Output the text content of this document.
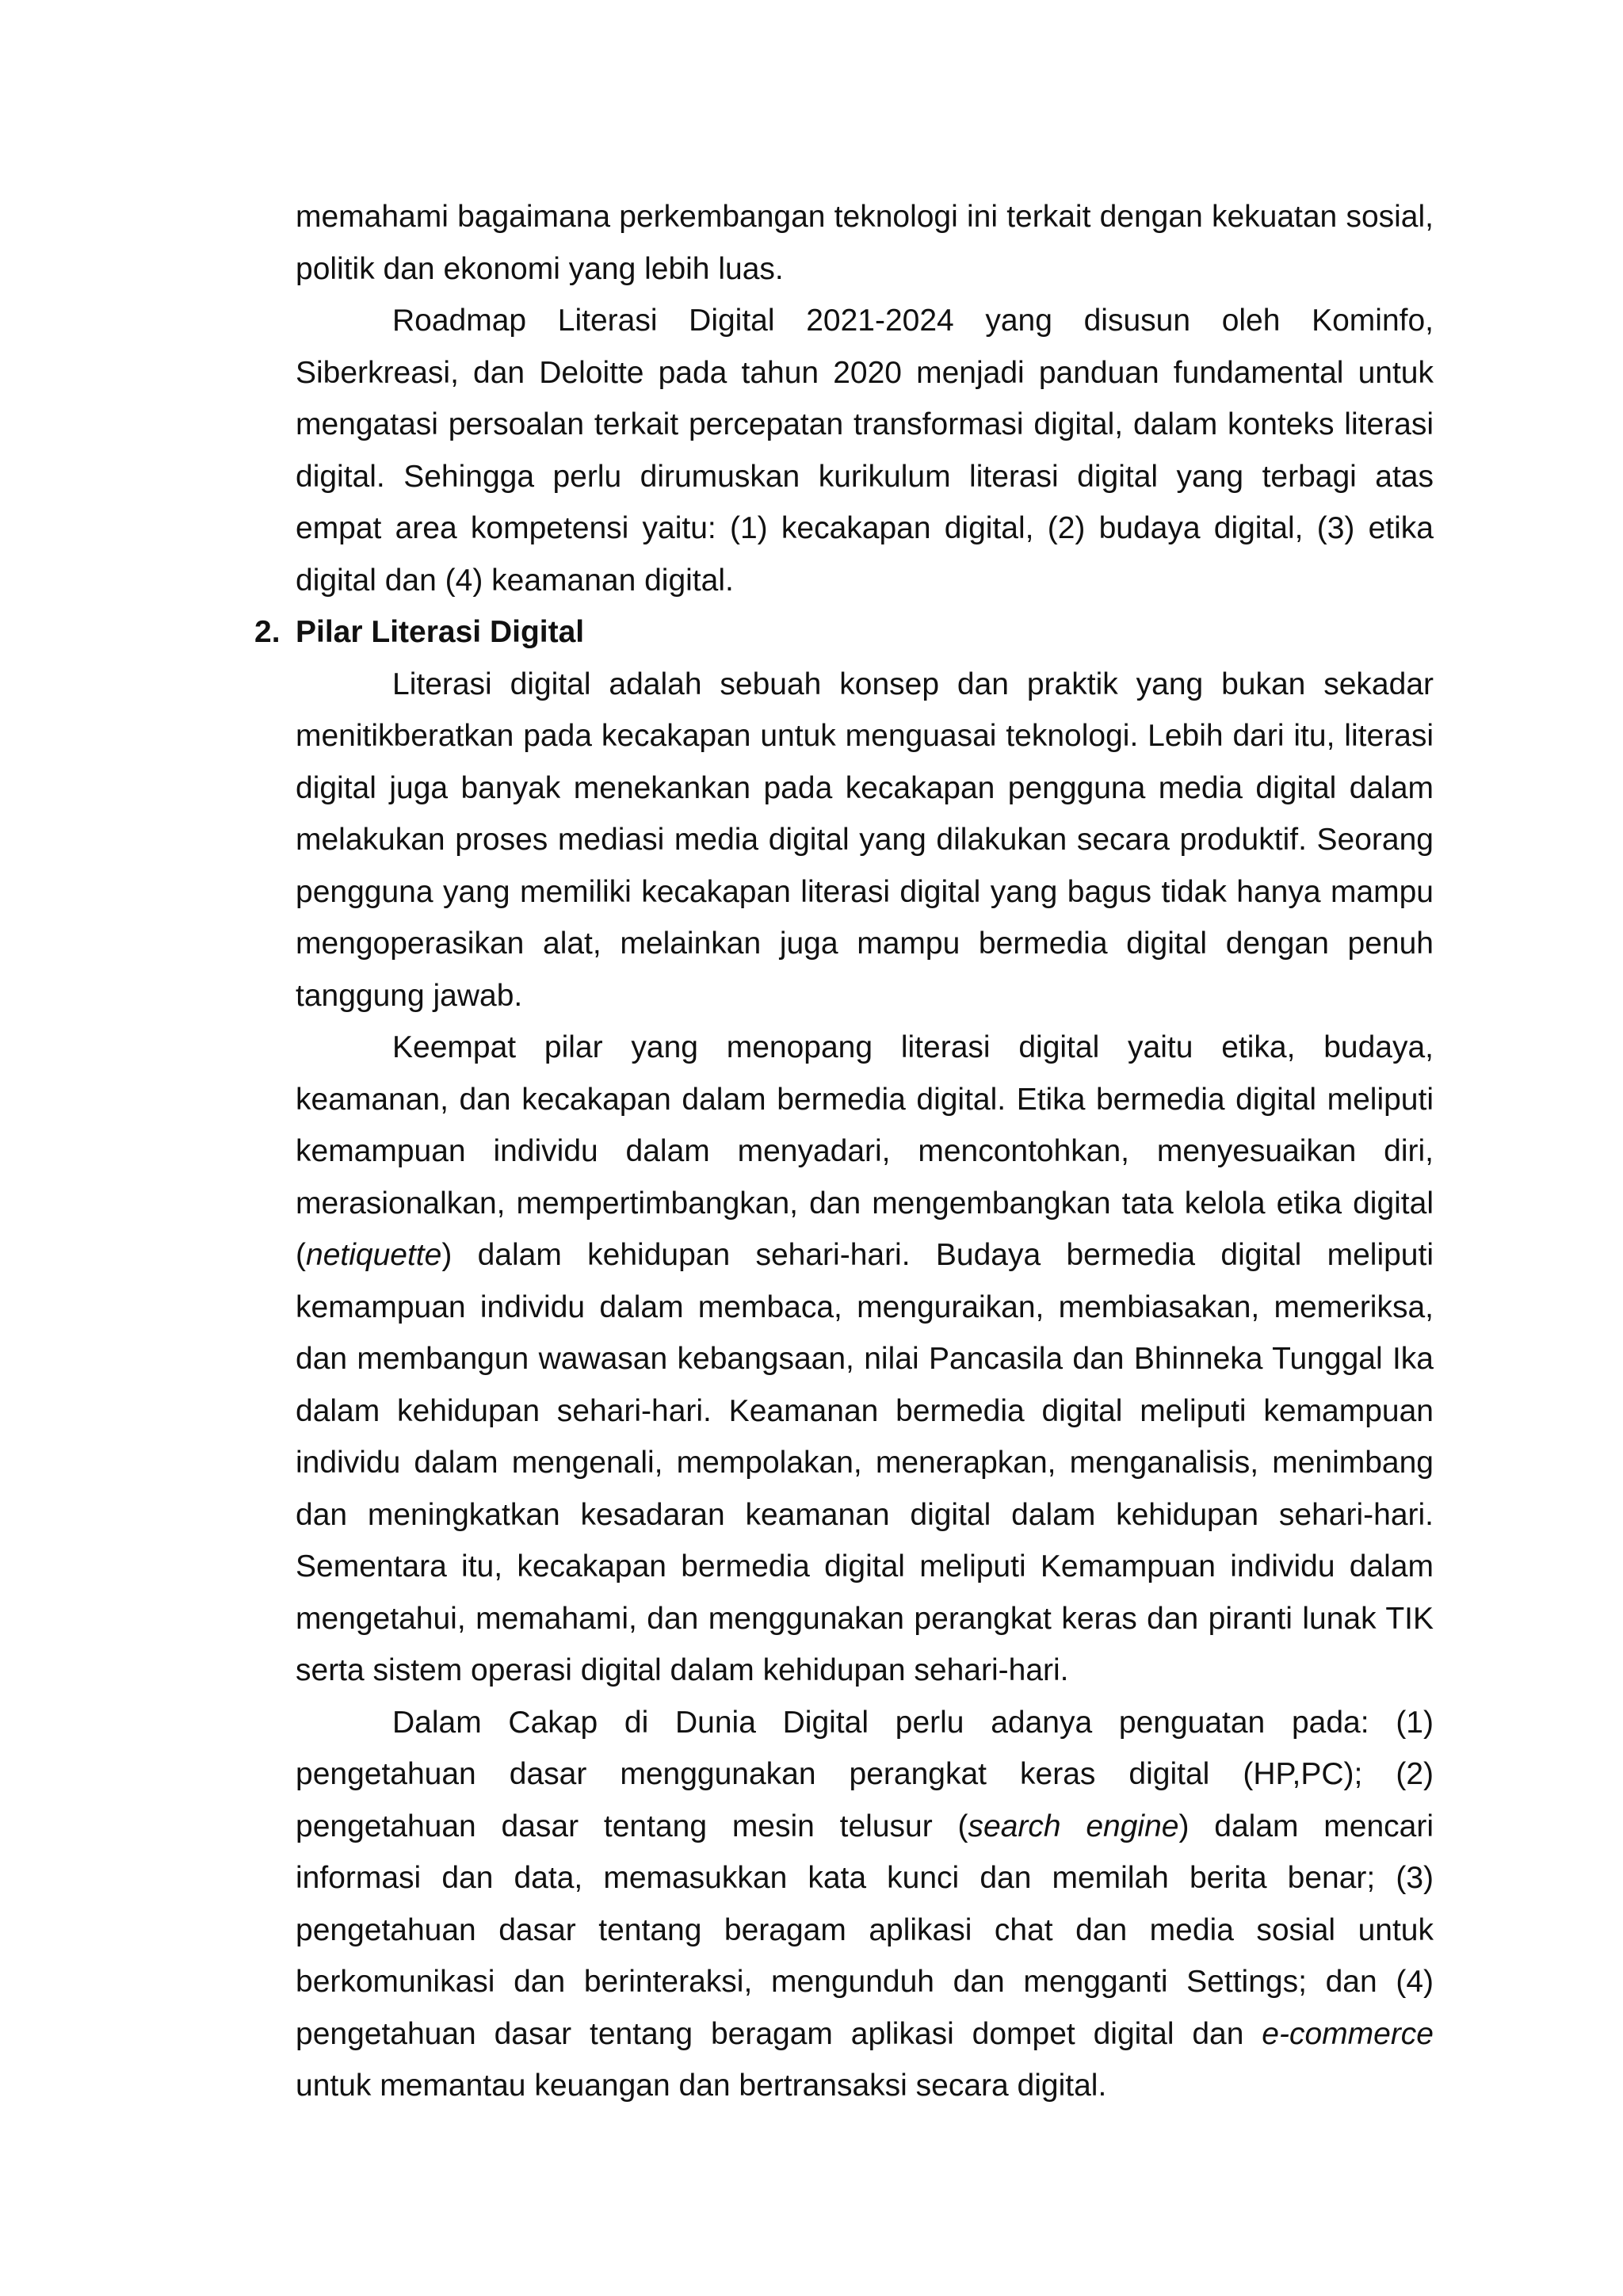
memahami bagaimana perkembangan teknologi ini terkait dengan kekuatan sosial, politik dan ekonomi yang lebih luas.

Roadmap Literasi Digital 2021-2024 yang disusun oleh Kominfo, Siberkreasi, dan Deloitte pada tahun 2020 menjadi panduan fundamental untuk mengatasi persoalan terkait percepatan transformasi digital, dalam konteks literasi digital. Sehingga perlu dirumuskan kurikulum literasi digital yang terbagi atas empat area kompetensi yaitu: (1) kecakapan digital, (2) budaya digital, (3) etika digital dan (4) keamanan digital.

2. Pilar Literasi Digital

Literasi digital adalah sebuah konsep dan praktik yang bukan sekadar menitikberatkan pada kecakapan untuk menguasai teknologi. Lebih dari itu, literasi digital juga banyak menekankan pada kecakapan pengguna media digital dalam melakukan proses mediasi media digital yang dilakukan secara produktif. Seorang pengguna yang memiliki kecakapan literasi digital yang bagus tidak hanya mampu mengoperasikan alat, melainkan juga mampu bermedia digital dengan penuh tanggung jawab.

Keempat pilar yang menopang literasi digital yaitu etika, budaya, keamanan, dan kecakapan dalam bermedia digital. Etika bermedia digital meliputi kemampuan individu dalam menyadari, mencontohkan, menyesuaikan diri, merasionalkan, mempertimbangkan, dan mengembangkan tata kelola etika digital (netiquette) dalam kehidupan sehari-hari. Budaya bermedia digital meliputi kemampuan individu dalam membaca, menguraikan, membiasakan, memeriksa, dan membangun wawasan kebangsaan, nilai Pancasila dan Bhinneka Tunggal Ika dalam kehidupan sehari-hari. Keamanan bermedia digital meliputi kemampuan individu dalam mengenali, mempolakan, menerapkan, menganalisis, menimbang dan meningkatkan kesadaran keamanan digital dalam kehidupan sehari-hari. Sementara itu, kecakapan bermedia digital meliputi Kemampuan individu dalam mengetahui, memahami, dan menggunakan perangkat keras dan piranti lunak TIK serta sistem operasi digital dalam kehidupan sehari-hari.

Dalam Cakap di Dunia Digital perlu adanya penguatan pada: (1) pengetahuan dasar menggunakan perangkat keras digital (HP,PC); (2) pengetahuan dasar tentang mesin telusur (search engine) dalam mencari informasi dan data, memasukkan kata kunci dan memilah berita benar; (3) pengetahuan dasar tentang beragam aplikasi chat dan media sosial untuk berkomunikasi dan berinteraksi, mengunduh dan mengganti Settings; dan (4) pengetahuan dasar tentang beragam aplikasi dompet digital dan e-commerce untuk memantau keuangan dan bertransaksi secara digital.
